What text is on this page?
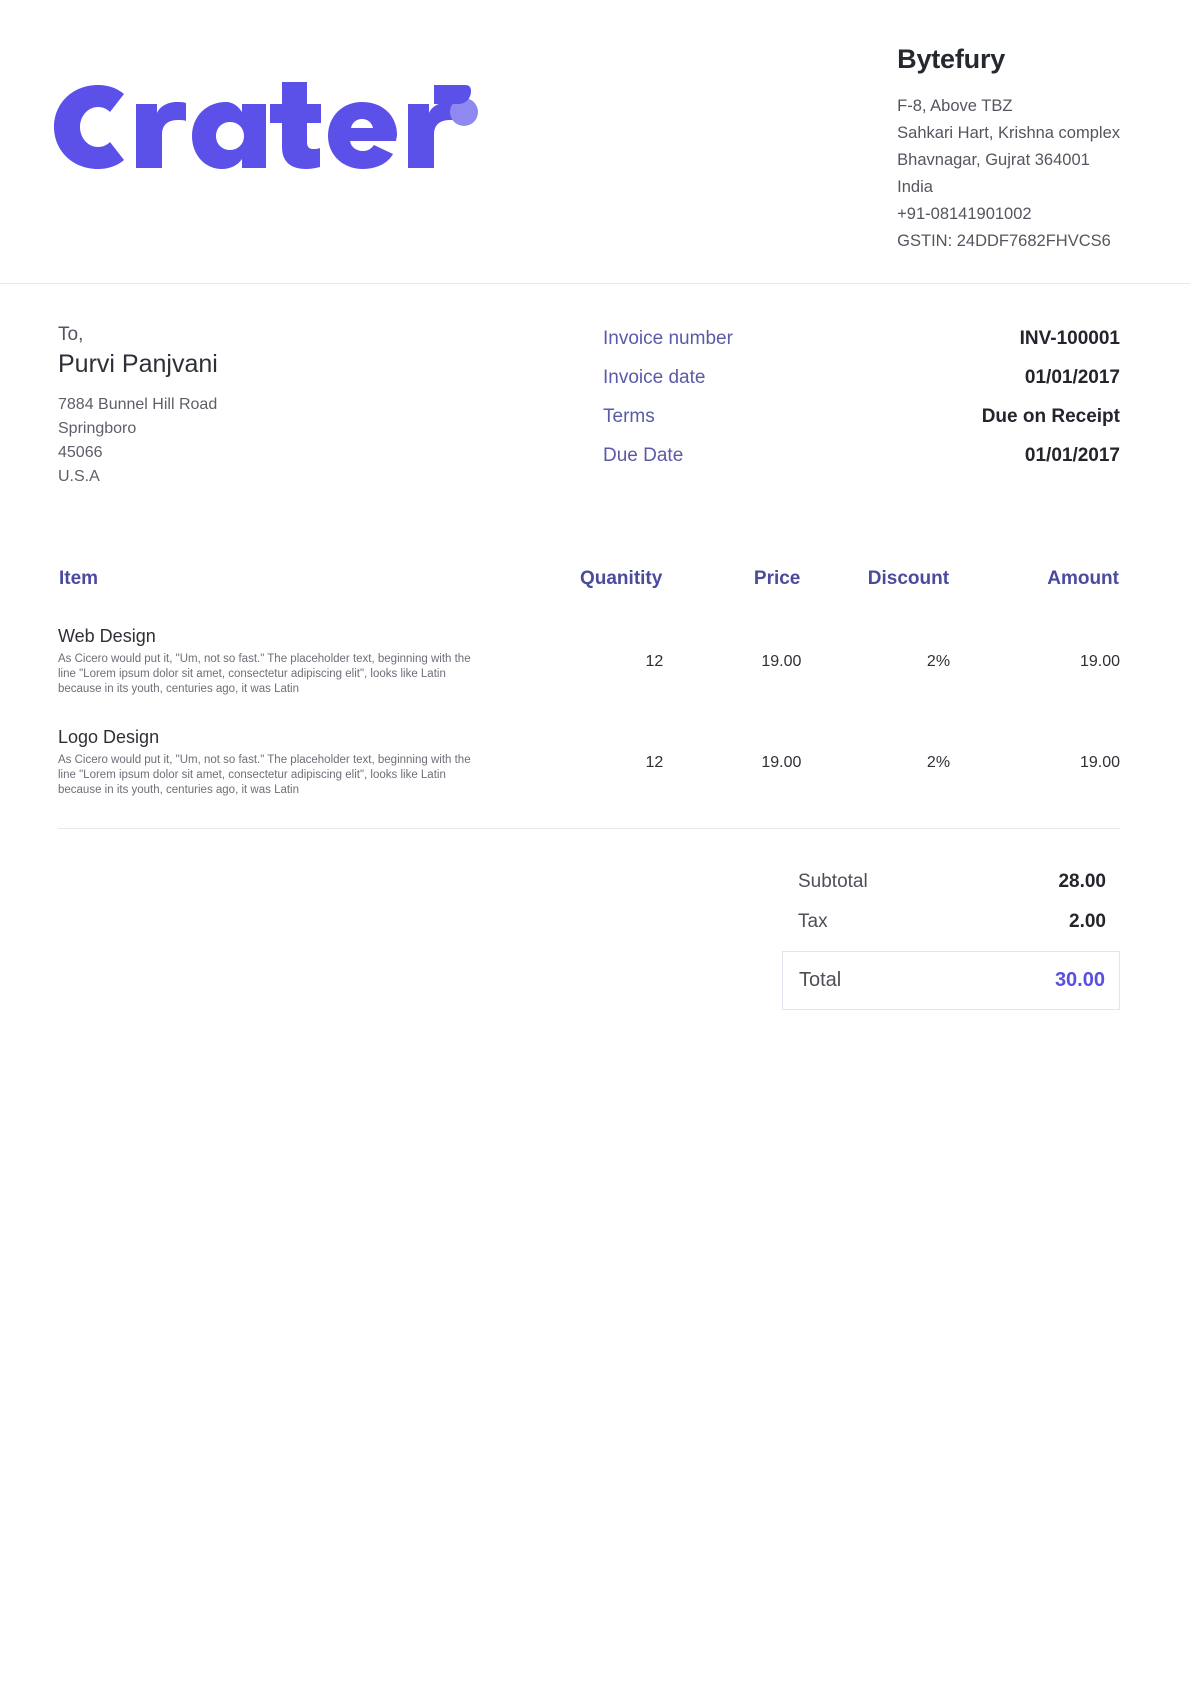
Bytefury
F-8, Above TBZ
Sahkari Hart, Krishna complex
Bhavnagar, Gujrat 364001
India
+91-08141901002
GSTIN: 24DDF7682FHVCS6
To,
Purvi Panjvani
7884 Bunnel Hill Road
Springboro
45066
U.S.A
Invoice number	INV-100001
Invoice date	01/01/2017
Terms	Due on Receipt
Due Date	01/01/2017
Item	Quanitity	Price	Discount	Amount

Web Design
As Cicero would put it, "Um, not so fast." The placeholder text, beginning with the line "Lorem ipsum dolor sit amet, consectetur adipiscing elit", looks like Latin because in its youth, centuries ago, it was Latin	12	19.00	2%	19.00

Logo Design
As Cicero would put it, "Um, not so fast." The placeholder text, beginning with the line "Lorem ipsum dolor sit amet, consectetur adipiscing elit", looks like Latin because in its youth, centuries ago, it was Latin	12	19.00	2%	19.00

Subtotal	28.00
Tax	2.00
Total	30.00
